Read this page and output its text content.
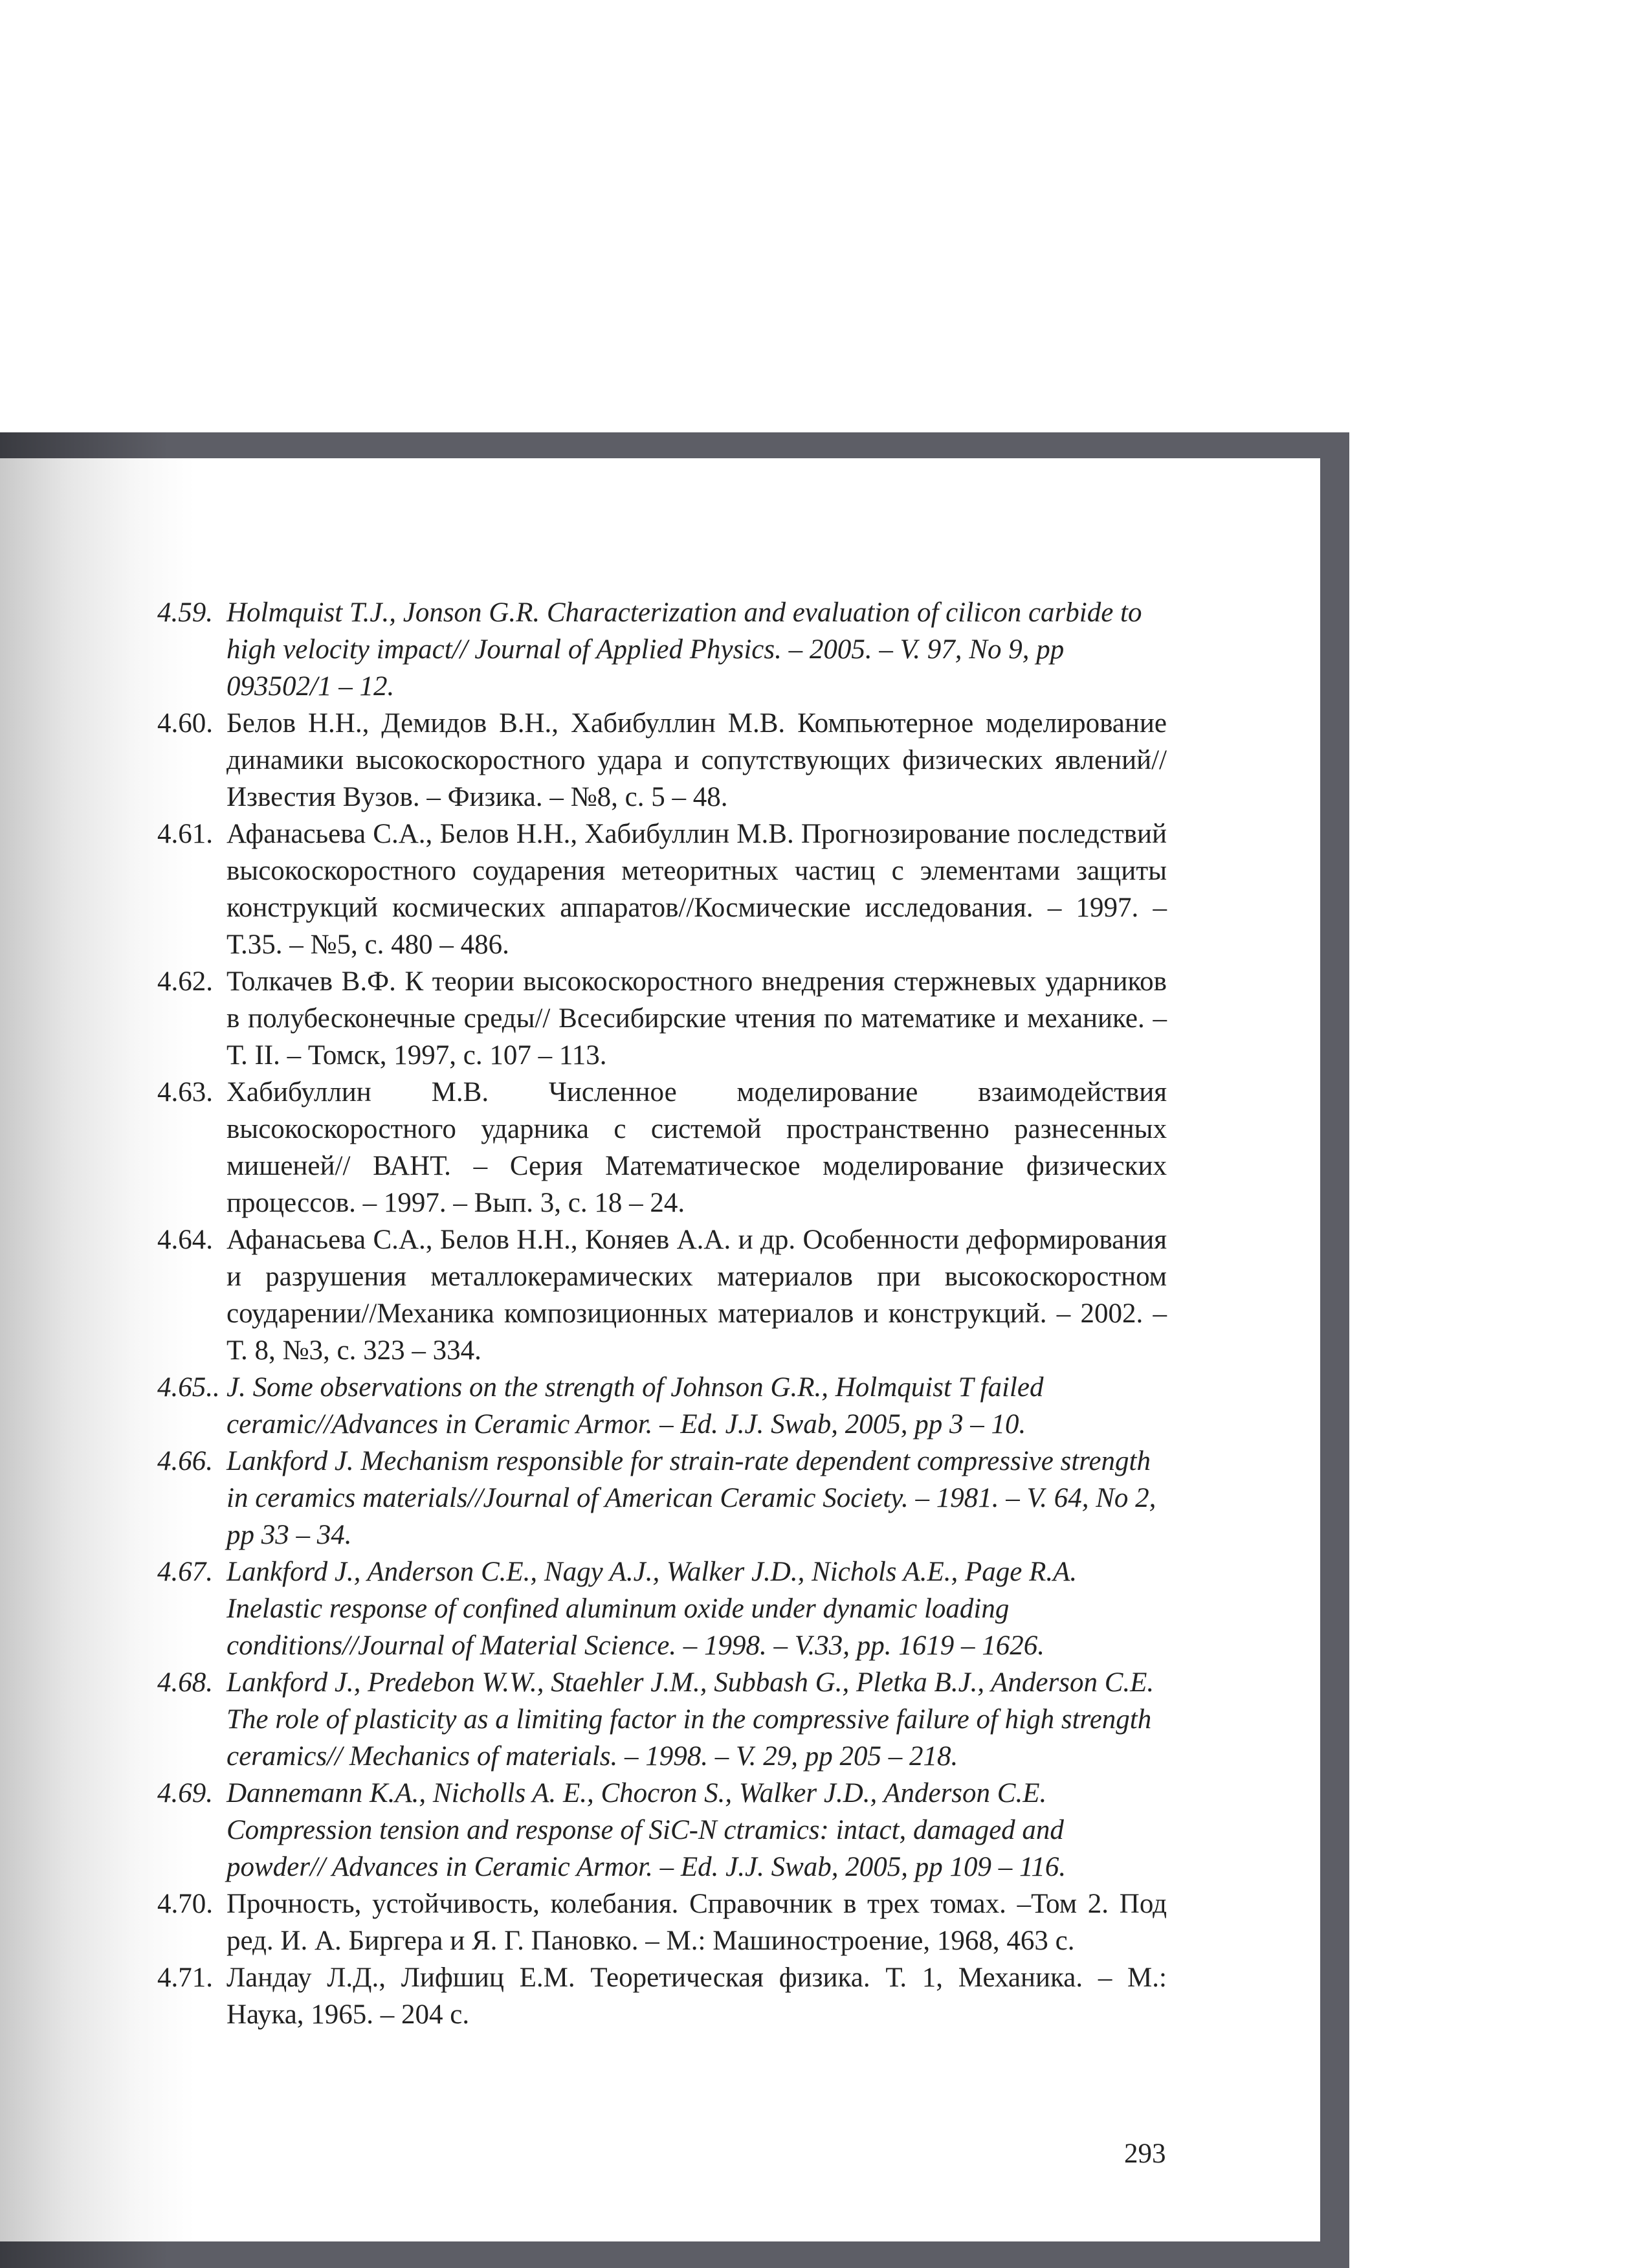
4.59. Holmquist T.J., Jonson G.R. Characterization and evaluation of cilicon carbide to high velocity impact// Journal of Applied Physics. – 2005. – V. 97, No 9, pp 093502/1 – 12.
4.60. Белов Н.Н., Демидов В.Н., Хабибуллин М.В. Компьютерное моделирование динамики высокоскоростного удара и сопутствующих физических явлений//Известия Вузов. – Физика. – №8, с. 5 – 48.
4.61. Афанасьева С.А., Белов Н.Н., Хабибуллин М.В. Прогнозирование последствий высокоскоростного соударения метеоритных частиц с элементами защиты конструкций космических аппаратов//Космические исследования. – 1997. – Т.35. – №5, с. 480 – 486.
4.62. Толкачев В.Ф. К теории высокоскоростного внедрения стержневых ударников в полубесконечные среды// Всесибирские чтения по математике и механике. – Т. II. – Томск, 1997, с. 107 – 113.
4.63. Хабибуллин М.В. Численное моделирование взаимодействия высокоскоростного ударника с системой пространственно разнесенных мишеней// ВАНТ. – Серия Математическое моделирование физических процессов. – 1997. – Вып. 3, с. 18 – 24.
4.64. Афанасьева С.А., Белов Н.Н., Коняев А.А. и др. Особенности деформирования и разрушения металлокерамических материалов при высокоскоростном соударении//Механика композиционных материалов и конструкций. – 2002. – Т. 8, №3, с. 323 – 334.
4.65.. J. Some observations on the strength of Johnson G.R., Holmquist T failed ceramic//Advances in Ceramic Armor. – Ed. J.J. Swab, 2005, pp 3 – 10.
4.66. Lankford J. Mechanism responsible for strain-rate dependent compressive strength in ceramics materials//Journal of American Ceramic Society. – 1981. – V. 64, No 2, pp 33 – 34.
4.67. Lankford J., Anderson C.E., Nagy A.J., Walker J.D., Nichols A.E., Page R.A. Inelastic response of confined aluminum oxide under dynamic loading conditions//Journal of Material Science. – 1998. – V.33, pp. 1619 – 1626.
4.68. Lankford J., Predebon W.W., Staehler J.M., Subbash G., Pletka B.J., Anderson C.E. The role of plasticity as a limiting factor in the compressive failure of high strength ceramics// Mechanics of materials. – 1998. – V. 29, pp 205 – 218.
4.69. Dannemann K.A., Nicholls A. E., Chocron S., Walker J.D., Anderson C.E. Compression tension and response of SiC-N ctramics: intact, damaged and powder// Advances in Ceramic Armor. – Ed. J.J. Swab, 2005, pp 109 – 116.
4.70. Прочность, устойчивость, колебания. Справочник в трех томах. –Том 2. Под ред. И. А. Биргера и Я. Г. Пановко. – М.: Машиностроение, 1968, 463 с.
4.71. Ландау Л.Д., Лифшиц Е.М. Теоретическая физика. Т. 1, Механика. – М.: Наука, 1965. – 204 с.
293
